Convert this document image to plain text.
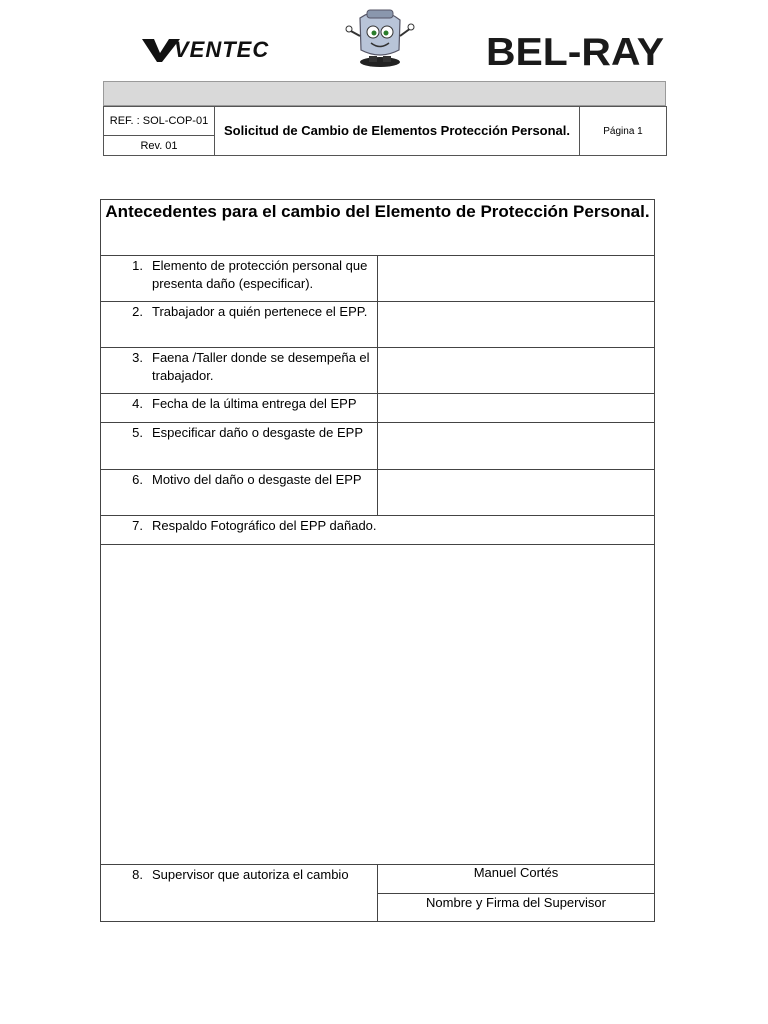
VENTEC	BEL-RAY
REF. : SOL-COP-01	Solicitud de Cambio de Elementos Protección Personal.	Página 1
Rev. 01
Antecedentes para el cambio del Elemento de Protección Personal.
1. Elemento de protección personal que presenta daño (especificar).
2. Trabajador a quién pertenece el EPP.
3. Faena /Taller donde se desempeña el trabajador.
4. Fecha de la última entrega del EPP
5. Especificar daño o desgaste de EPP
6. Motivo del daño o desgaste del EPP
7. Respaldo Fotográfico del EPP dañado.
8. Supervisor que autoriza el cambio	Manuel Cortés
Nombre y Firma del Supervisor
